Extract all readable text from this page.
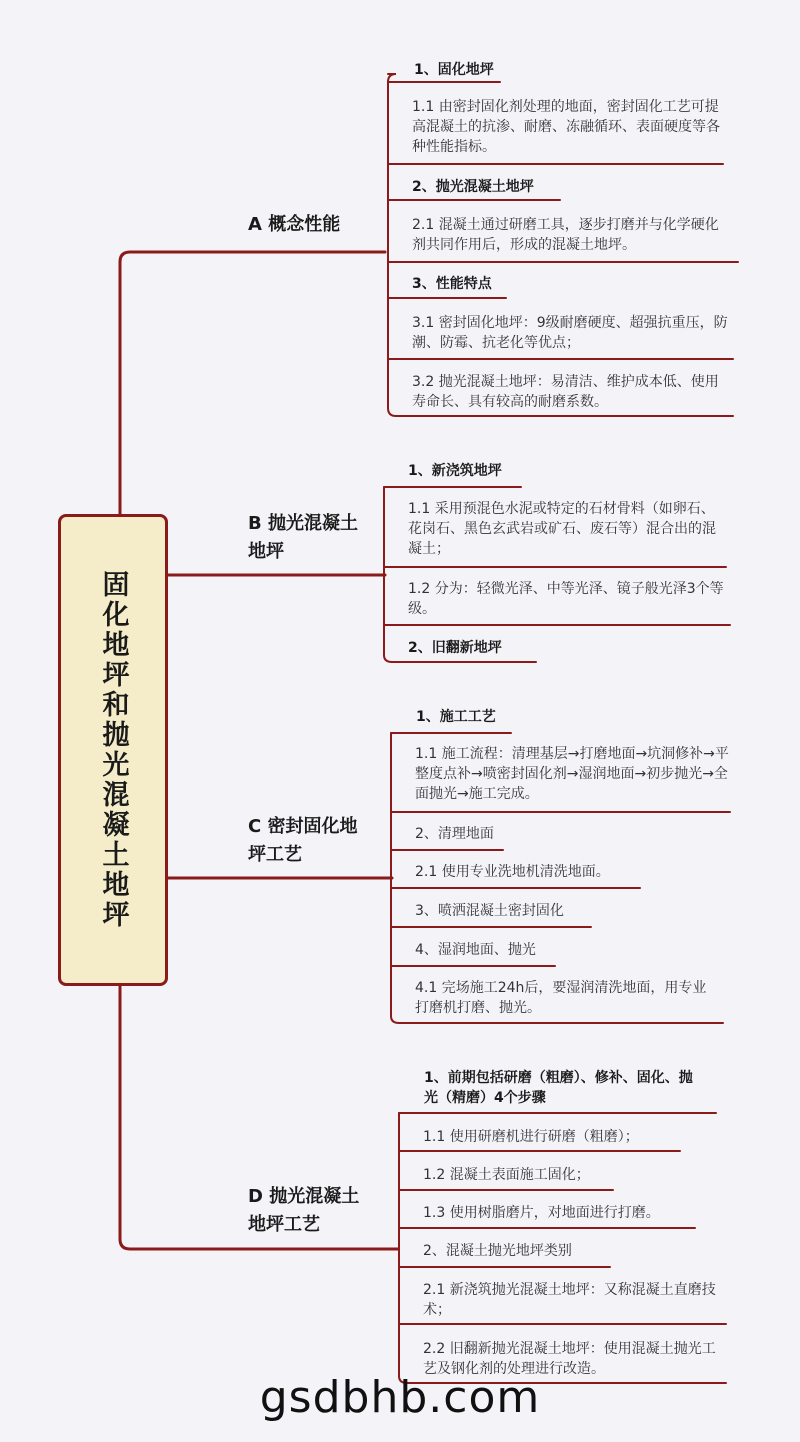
固化地坪和抛光混凝土地坪
A 概念性能
1、固化地坪
1.1 由密封固化剂处理的地面，密封固化工艺可提高混凝土的抗渗、耐磨、冻融循环、表面硬度等各种性能指标。
2、抛光混凝土地坪
2.1 混凝土通过研磨工具，逐步打磨并与化学硬化剂共同作用后，形成的混凝土地坪。
3、性能特点
3.1 密封固化地坪：9级耐磨硬度、超强抗重压，防潮、防霉、抗老化等优点；
3.2 抛光混凝土地坪：易清洁、维护成本低、使用寿命长、具有较高的耐磨系数。
B 抛光混凝土地坪
1、新浇筑地坪
1.1 采用预混色水泥或特定的石材骨料（如卵石、花岗石、黑色玄武岩或矿石、废石等）混合出的混凝土；
1.2 分为：轻微光泽、中等光泽、镜子般光泽3个等级。
2、旧翻新地坪
C 密封固化地坪工艺
1、施工工艺
1.1 施工流程：清理基层→打磨地面→坑洞修补→平整度点补→喷密封固化剂→湿润地面→初步抛光→全面抛光→施工完成。
2、清理地面
2.1 使用专业洗地机清洗地面。
3、喷洒混凝土密封固化
4、湿润地面、抛光
4.1 完场施工24h后，要湿润清洗地面，用专业打磨机打磨、抛光。
D 抛光混凝土地坪工艺
1、前期包括研磨（粗磨）、修补、固化、抛光（精磨）4个步骤
1.1 使用研磨机进行研磨（粗磨）；
1.2 混凝土表面施工固化；
1.3 使用树脂磨片，对地面进行打磨。
2、混凝土抛光地坪类别
2.1 新浇筑抛光混凝土地坪：又称混凝土直磨技术；
2.2 旧翻新抛光混凝土地坪：使用混凝土抛光工艺及钢化剂的处理进行改造。
gsdbhb.com
